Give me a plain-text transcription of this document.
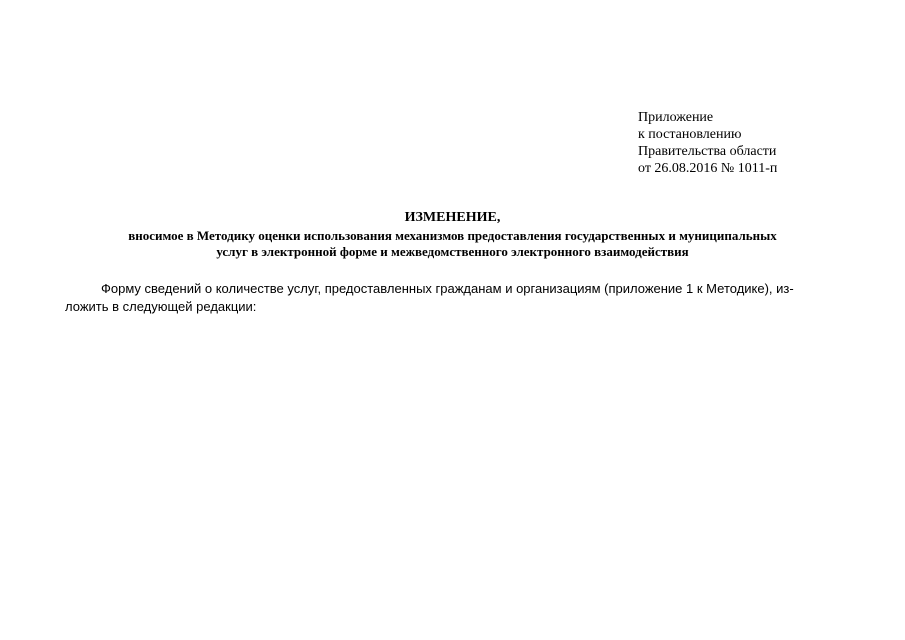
Приложение
к постановлению
Правительства области
от 26.08.2016 № 1011-п
ИЗМЕНЕНИЕ,
вносимое в Методику оценки использования механизмов предоставления государственных и муниципальных
услуг в электронной форме и межведомственного электронного взаимодействия
Форму сведений о количестве услуг, предоставленных гражданам и организациям (приложение 1 к Методике), из-
ложить в следующей редакции:
